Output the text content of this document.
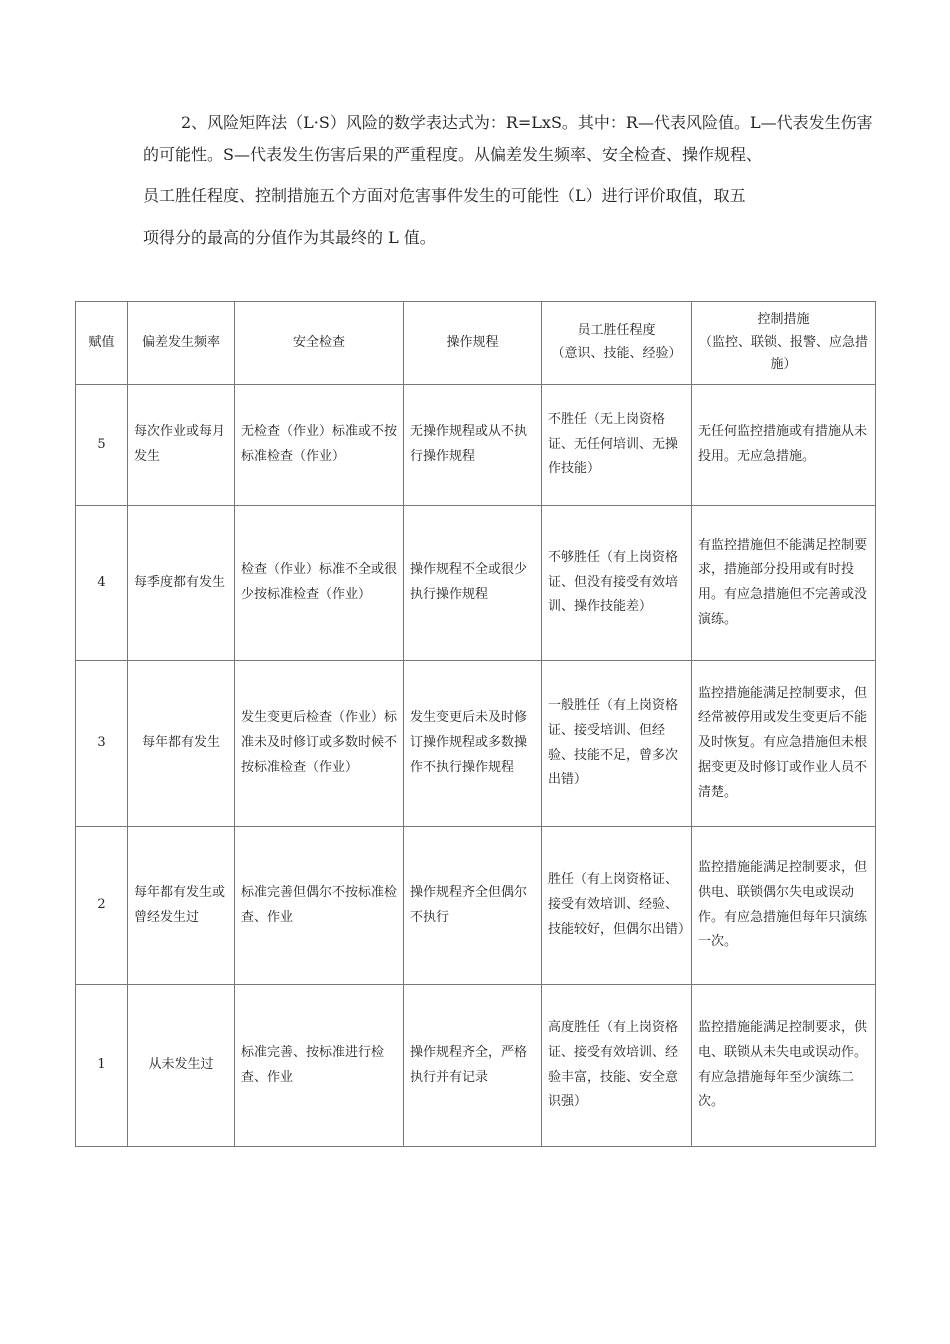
2、风险矩阵法（L·S）风险的数学表达式为：R=LxS。其中：R—代表风险值。L—代表发生伤害

的可能性。S—代表发生伤害后果的严重程度。从偏差发生频率、安全检查、操作规程、

员工胜任程度、控制措施五个方面对危害事件发生的可能性（L）进行评价取值，取五

项得分的最高的分值作为其最终的 L 值。

赋值	偏差发生频率	安全检查	操作规程	员工胜任程度
（意识、技能、经验）	控制措施
（监控、联锁、报警、应急措施）

5	每次作业或每月发生	无检查（作业）标准或不按标准检查（作业）	无操作规程或从不执行操作规程	不胜任（无上岗资格证、无任何培训、无操作技能）	无任何监控措施或有措施从未投用。无应急措施。
4	每季度都有发生	检查（作业）标准不全或很少按标准检查（作业）	操作规程不全或很少执行操作规程	不够胜任（有上岗资格证、但没有接受有效培训、操作技能差）	有监控措施但不能满足控制要求，措施部分投用或有时投用。有应急措施但不完善或没演练。
3	每年都有发生	发生变更后检查（作业）标准未及时修订或多数时候不按标准检查（作业）	发生变更后未及时修订操作规程或多数操作不执行操作规程	一般胜任（有上岗资格证、接受培训、但经验、技能不足，曾多次出错）	监控措施能满足控制要求，但经常被停用或发生变更后不能及时恢复。有应急措施但未根据变更及时修订或作业人员不清楚。
2	每年都有发生或曾经发生过	标准完善但偶尔不按标准检查、作业	操作规程齐全但偶尔不执行	胜任（有上岗资格证、接受有效培训、经验、技能较好，但偶尔出错）	监控措施能满足控制要求，但供电、联锁偶尔失电或误动作。有应急措施但每年只演练一次。
1	从未发生过	标准完善、按标准进行检查、作业	操作规程齐全，严格执行并有记录	高度胜任（有上岗资格证、接受有效培训、经验丰富，技能、安全意识强）	监控措施能满足控制要求，供电、联锁从未失电或误动作。有应急措施每年至少演练二次。
